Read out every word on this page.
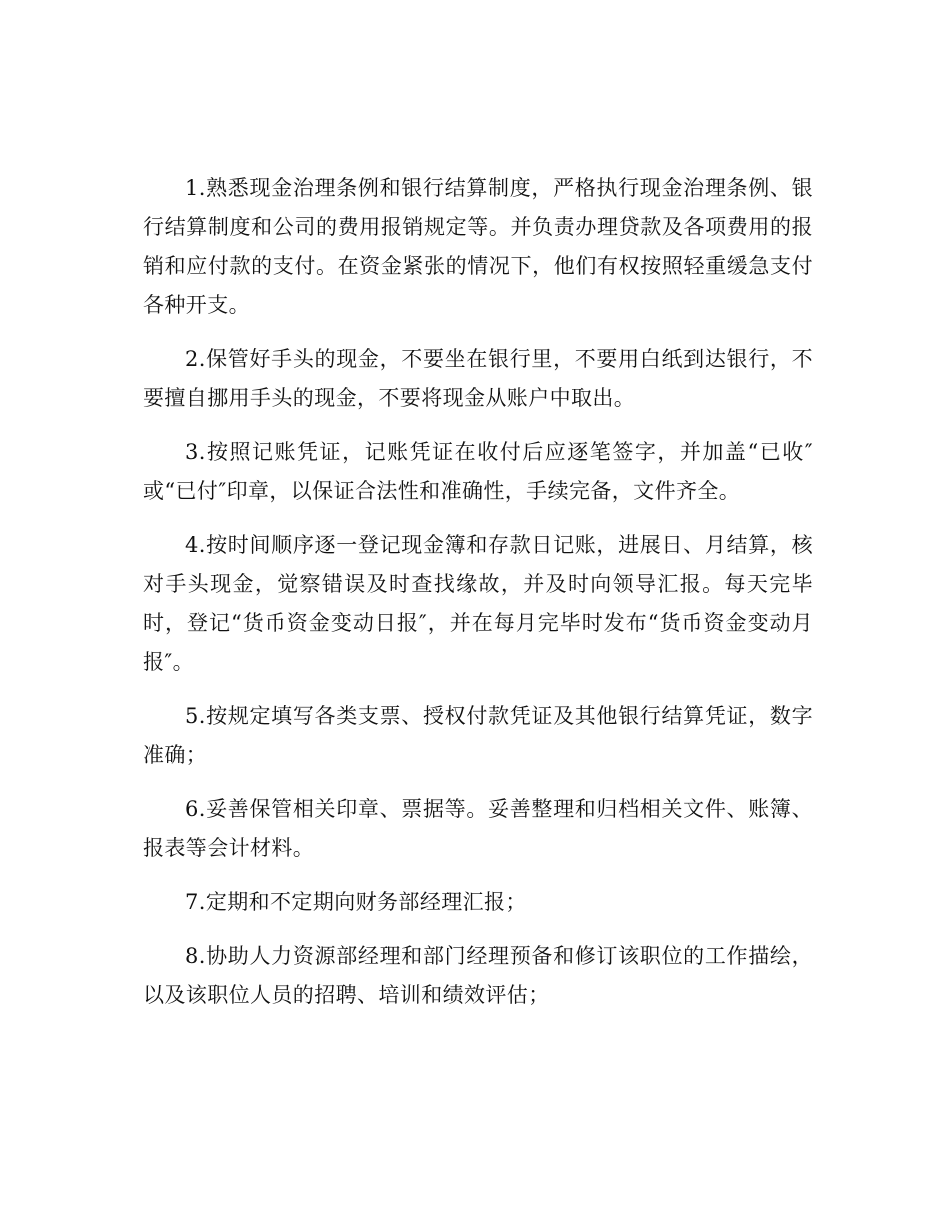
1.熟悉现金治理条例和银行结算制度，严格执行现金治理条例、银行结算制度和公司的费用报销规定等。并负责办理贷款及各项费用的报销和应付款的支付。在资金紧张的情况下，他们有权按照轻重缓急支付各种开支。

2.保管好手头的现金，不要坐在银行里，不要用白纸到达银行，不要擅自挪用手头的现金，不要将现金从账户中取出。

3.按照记账凭证，记账凭证在收付后应逐笔签字，并加盖“已收″或“已付″印章，以保证合法性和准确性，手续完备，文件齐全。

4.按时间顺序逐一登记现金簿和存款日记账，进展日、月结算，核对手头现金，觉察错误及时查找缘故，并及时向领导汇报。每天完毕时，登记“货币资金变动日报″，并在每月完毕时发布“货币资金变动月报″。

5.按规定填写各类支票、授权付款凭证及其他银行结算凭证，数字准确；

6.妥善保管相关印章、票据等。妥善整理和归档相关文件、账簿、报表等会计材料。

7.定期和不定期向财务部经理汇报；

8.协助人力资源部经理和部门经理预备和修订该职位的工作描绘，以及该职位人员的招聘、培训和绩效评估；
